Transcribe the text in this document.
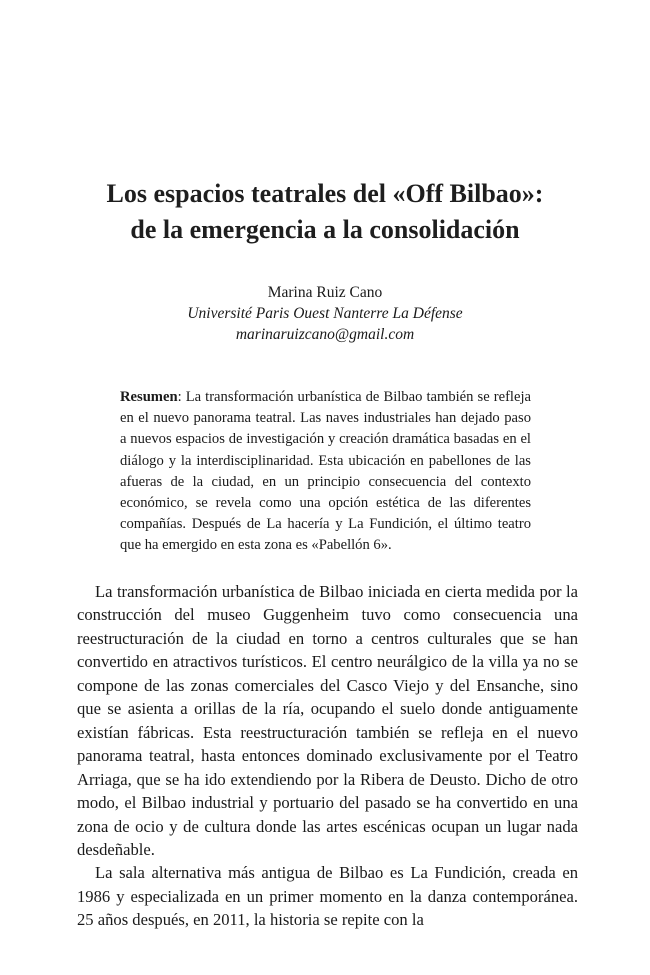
Los espacios teatrales del «Off Bilbao»:
de la emergencia a la consolidación
Marina Ruiz Cano
Université Paris Ouest Nanterre La Défense
marinaruizcano@gmail.com

Resumen: La transformación urbanística de Bilbao también se refleja en el nuevo panorama teatral. Las naves industriales han dejado paso a nuevos espacios de investigación y creación dramática basadas en el diálogo y la interdisciplinaridad. Esta ubicación en pabellones de las afueras de la ciudad, en un principio consecuencia del contexto económico, se revela como una opción estética de las diferentes compañías. Después de La hacería y La Fundición, el último teatro que ha emergido en esta zona es «Pabellón 6».

La transformación urbanística de Bilbao iniciada en cierta medida por la construcción del museo Guggenheim tuvo como consecuencia una reestructuración de la ciudad en torno a centros culturales que se han convertido en atractivos turísticos. El centro neurálgico de la villa ya no se compone de las zonas comerciales del Casco Viejo y del Ensanche, sino que se asienta a orillas de la ría, ocupando el suelo donde antiguamente existían fábricas. Esta reestructuración también se refleja en el nuevo panorama teatral, hasta entonces dominado exclusivamente por el Teatro Arriaga, que se ha ido extendiendo por la Ribera de Deusto. Dicho de otro modo, el Bilbao industrial y portuario del pasado se ha convertido en una zona de ocio y de cultura donde las artes escénicas ocupan un lugar nada desdeñable.

La sala alternativa más antigua de Bilbao es La Fundición, creada en 1986 y especializada en un primer momento en la danza contemporánea. 25 años después, en 2011, la historia se repite con la
